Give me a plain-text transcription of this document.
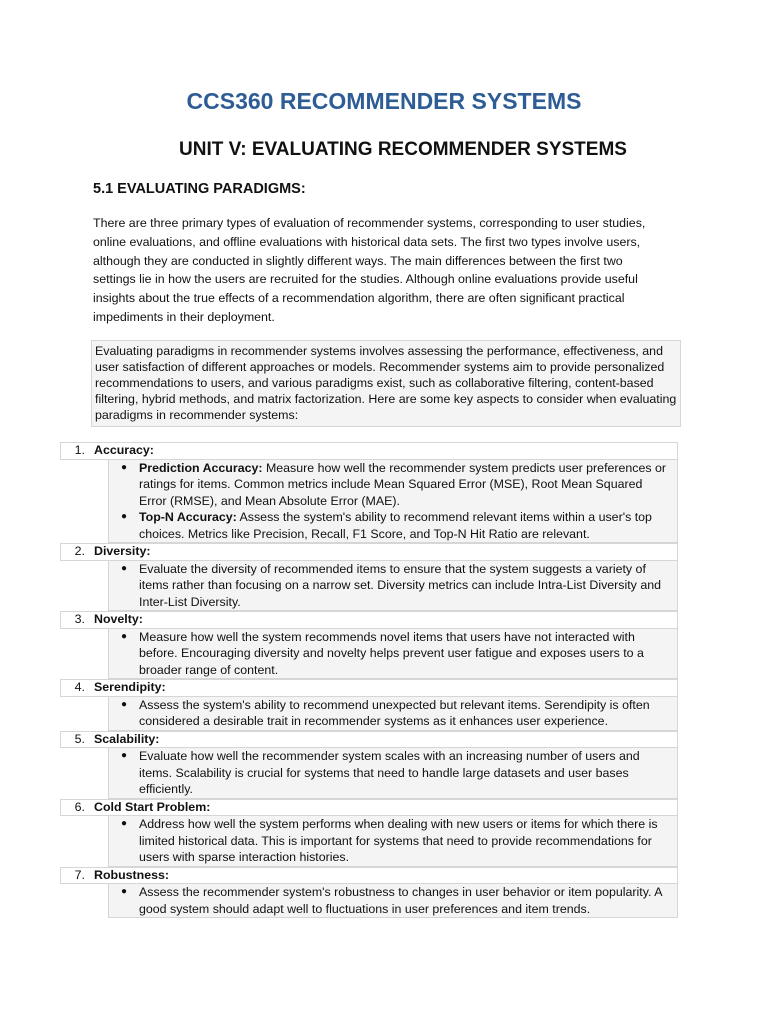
CCS360 RECOMMENDER SYSTEMS
UNIT V: EVALUATING RECOMMENDER SYSTEMS
5.1 EVALUATING PARADIGMS:

There are three primary types of evaluation of recommender systems, corresponding to user studies, online evaluations, and offline evaluations with historical data sets. The first two types involve users, although they are conducted in slightly different ways. The main differences between the first two settings lie in how the users are recruited for the studies. Although online evaluations provide useful insights about the true effects of a recommendation algorithm, there are often significant practical impediments in their deployment.

Evaluating paradigms in recommender systems involves assessing the performance, effectiveness, and user satisfaction of different approaches or models. Recommender systems aim to provide personalized recommendations to users, and various paradigms exist, such as collaborative filtering, content-based filtering, hybrid methods, and matrix factorization. Here are some key aspects to consider when evaluating paradigms in recommender systems:

1. Accuracy:
● Prediction Accuracy: Measure how well the recommender system predicts user preferences or ratings for items. Common metrics include Mean Squared Error (MSE), Root Mean Squared Error (RMSE), and Mean Absolute Error (MAE).
● Top-N Accuracy: Assess the system's ability to recommend relevant items within a user's top choices. Metrics like Precision, Recall, F1 Score, and Top-N Hit Ratio are relevant.
2. Diversity:
● Evaluate the diversity of recommended items to ensure that the system suggests a variety of items rather than focusing on a narrow set. Diversity metrics can include Intra-List Diversity and Inter-List Diversity.
3. Novelty:
● Measure how well the system recommends novel items that users have not interacted with before. Encouraging diversity and novelty helps prevent user fatigue and exposes users to a broader range of content.
4. Serendipity:
● Assess the system's ability to recommend unexpected but relevant items. Serendipity is often considered a desirable trait in recommender systems as it enhances user experience.
5. Scalability:
● Evaluate how well the recommender system scales with an increasing number of users and items. Scalability is crucial for systems that need to handle large datasets and user bases efficiently.
6. Cold Start Problem:
● Address how well the system performs when dealing with new users or items for which there is limited historical data. This is important for systems that need to provide recommendations for users with sparse interaction histories.
7. Robustness:
● Assess the recommender system's robustness to changes in user behavior or item popularity. A good system should adapt well to fluctuations in user preferences and item trends.
